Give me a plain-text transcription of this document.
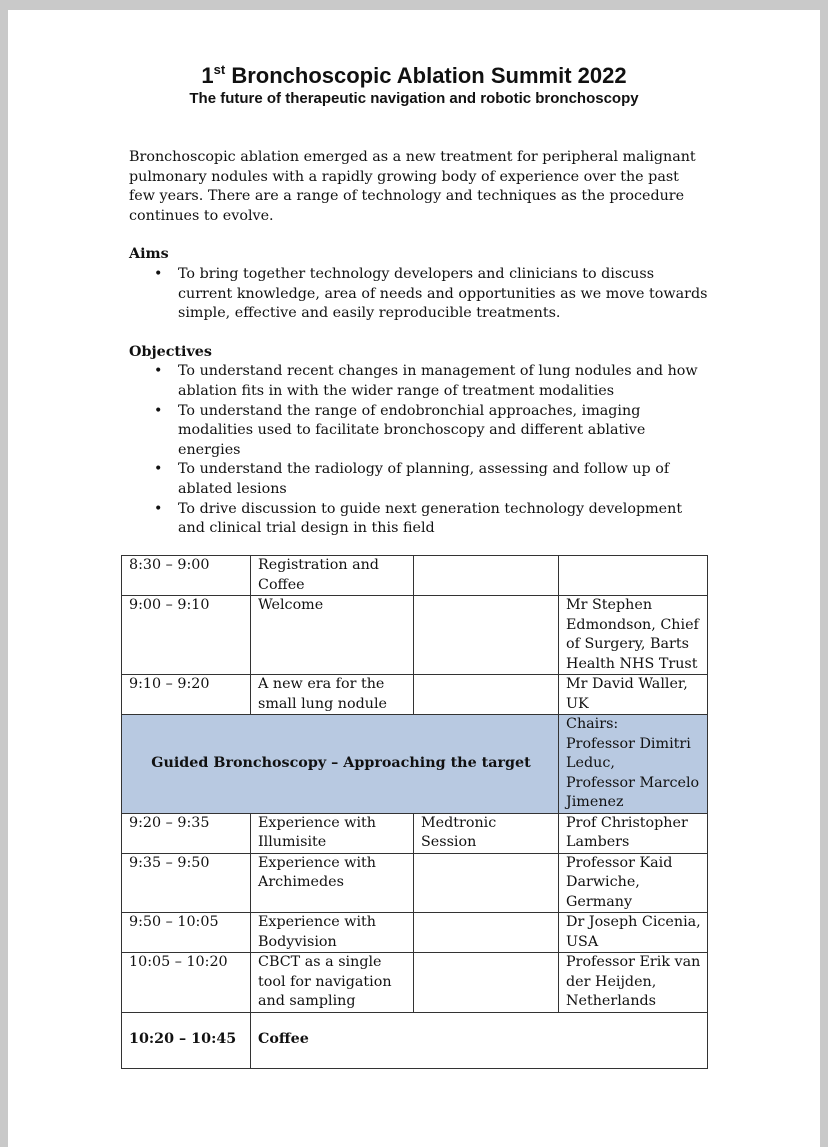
1st Bronchoscopic Ablation Summit 2022

The future of therapeutic navigation and robotic bronchoscopy

Bronchoscopic ablation emerged as a new treatment for peripheral malignant pulmonary nodules with a rapidly growing body of experience over the past few years. There are a range of technology and techniques as the procedure continues to evolve.

Aims

• To bring together technology developers and clinicians to discuss current knowledge, area of needs and opportunities as we move towards simple, effective and easily reproducible treatments.

Objectives

• To understand recent changes in management of lung nodules and how ablation fits in with the wider range of treatment modalities
• To understand the range of endobronchial approaches, imaging modalities used to facilitate bronchoscopy and different ablative energies
• To understand the radiology of planning, assessing and follow up of ablated lesions
• To drive discussion to guide next generation technology development and clinical trial design in this field
8:30 – 9:00	Registration and Coffee		
9:00 – 9:10	Welcome		Mr Stephen Edmondson, Chief of Surgery, Barts Health NHS Trust
9:10 – 9:20	A new era for the small lung nodule		Mr David Waller, UK
Guided Bronchoscopy – Approaching the target			Chairs:
Professor Dimitri Leduc,
Professor Marcelo Jimenez
9:20 – 9:35	Experience with Illumisite	Medtronic Session	Prof Christopher Lambers
9:35 – 9:50	Experience with Archimedes		Professor Kaid Darwiche, Germany
9:50 – 10:05	Experience with Bodyvision		Dr Joseph Cicenia, USA
10:05 – 10:20	CBCT as a single tool for navigation and sampling		Professor Erik van der Heijden, Netherlands
10:20 – 10:45	Coffee		
